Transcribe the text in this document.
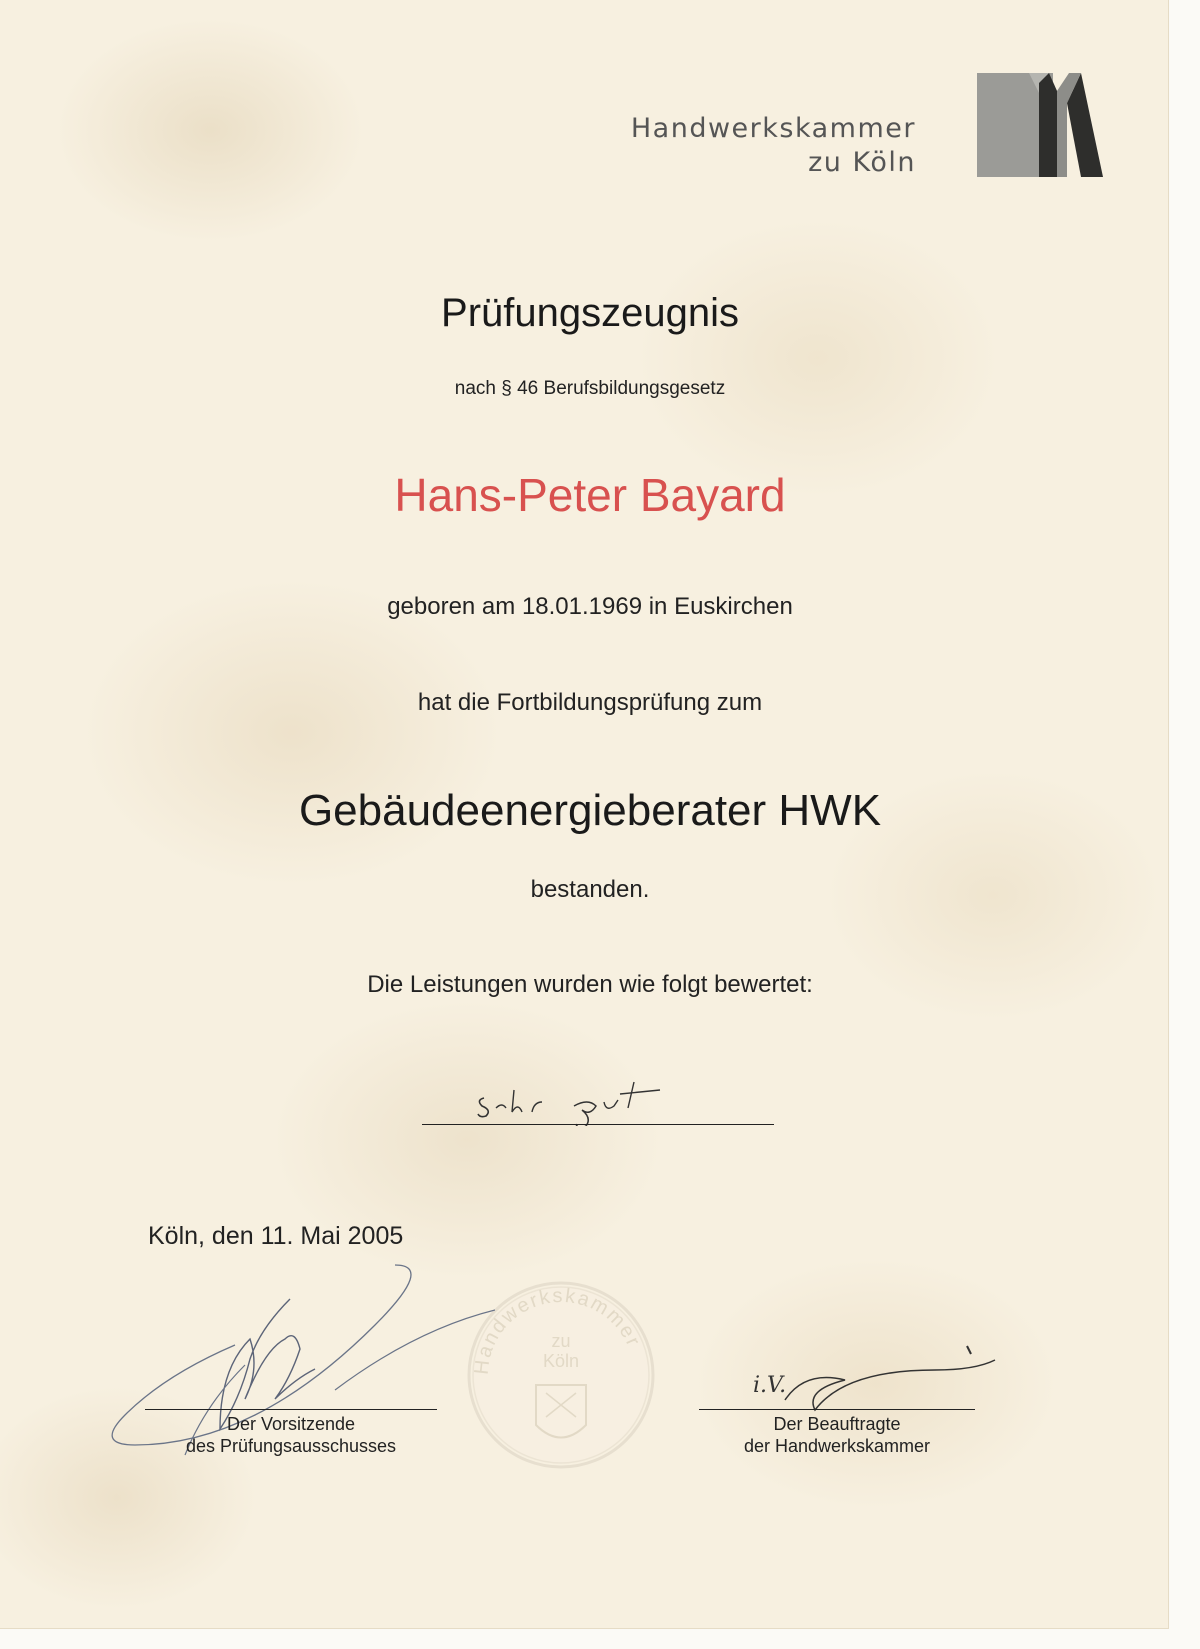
Handwerkskammer
zu Köln
Prüfungszeugnis
nach § 46 Berufsbildungsgesetz
Hans-Peter Bayard
geboren am 18.01.1969 in Euskirchen
hat die Fortbildungsprüfung zum
Gebäudeenergieberater HWK
bestanden.
Die Leistungen wurden wie folgt bewertet:
Köln, den 11. Mai 2005
Handwerkskammer
zu
Köln
Der Vorsitzende
des Prüfungsausschusses
i.V.
Der Beauftragte
der Handwerkskammer
